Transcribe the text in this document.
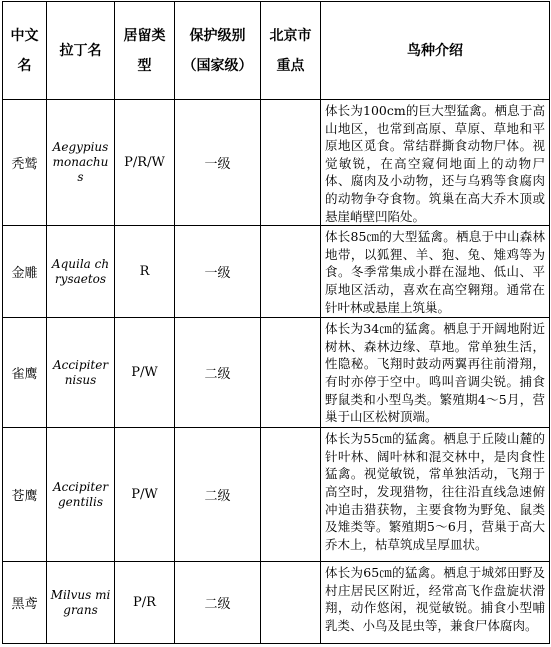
中文名	拉丁名	居留类型	保护级别（国家级）	北京市重点	鸟种介绍
秃鹫	Aegypius monachus	P/R/W	一级		体长为100cm的巨大型猛禽。栖息于高山地区，也常到高原、草原、草地和平原地区觅食。常结群撕食动物尸体。视觉敏锐，在高空窥伺地面上的动物尸体、腐肉及小动物，还与乌鸦等食腐肉的动物争夺食物。筑巢在高大乔木顶或悬崖峭壁凹陷处。
金雕	Aquila chrysaetos	R	一级		体长85㎝的大型猛禽。栖息于中山森林地带，以狐狸、羊、狍、兔、雉鸡等为食。冬季常集成小群在湿地、低山、平原地区活动，喜欢在高空翱翔。通常在针叶林或悬崖上筑巢。
雀鹰	Accipiter nisus	P/W	二级		体长为34㎝的猛禽。栖息于开阔地附近树林、森林边缘、草地。常单独生活，性隐秘。飞翔时鼓动两翼再往前滑翔，有时亦停于空中。鸣叫音调尖锐。捕食野鼠类和小型鸟类。繁殖期4～5月，营巢于山区松树顶端。
苍鹰	Accipiter gentilis	P/W	二级		体长为55㎝的猛禽。栖息于丘陵山麓的针叶林、阔叶林和混交林中，是肉食性猛禽。视觉敏锐，常单独活动，飞翔于高空时，发现猎物，往往沿直线急速俯冲追击猎获物，主要食物为野兔、鼠类及雉类等。繁殖期5～6月，营巢于高大乔木上，枯草筑成呈厚皿状。
黑鸢	Milvus migrans	P/R	二级		体长为65㎝的猛禽。栖息于城郊田野及村庄居民区附近，经常高飞作盘旋状滑翔，动作悠闲，视觉敏锐。捕食小型哺乳类、小鸟及昆虫等，兼食尸体腐肉。
